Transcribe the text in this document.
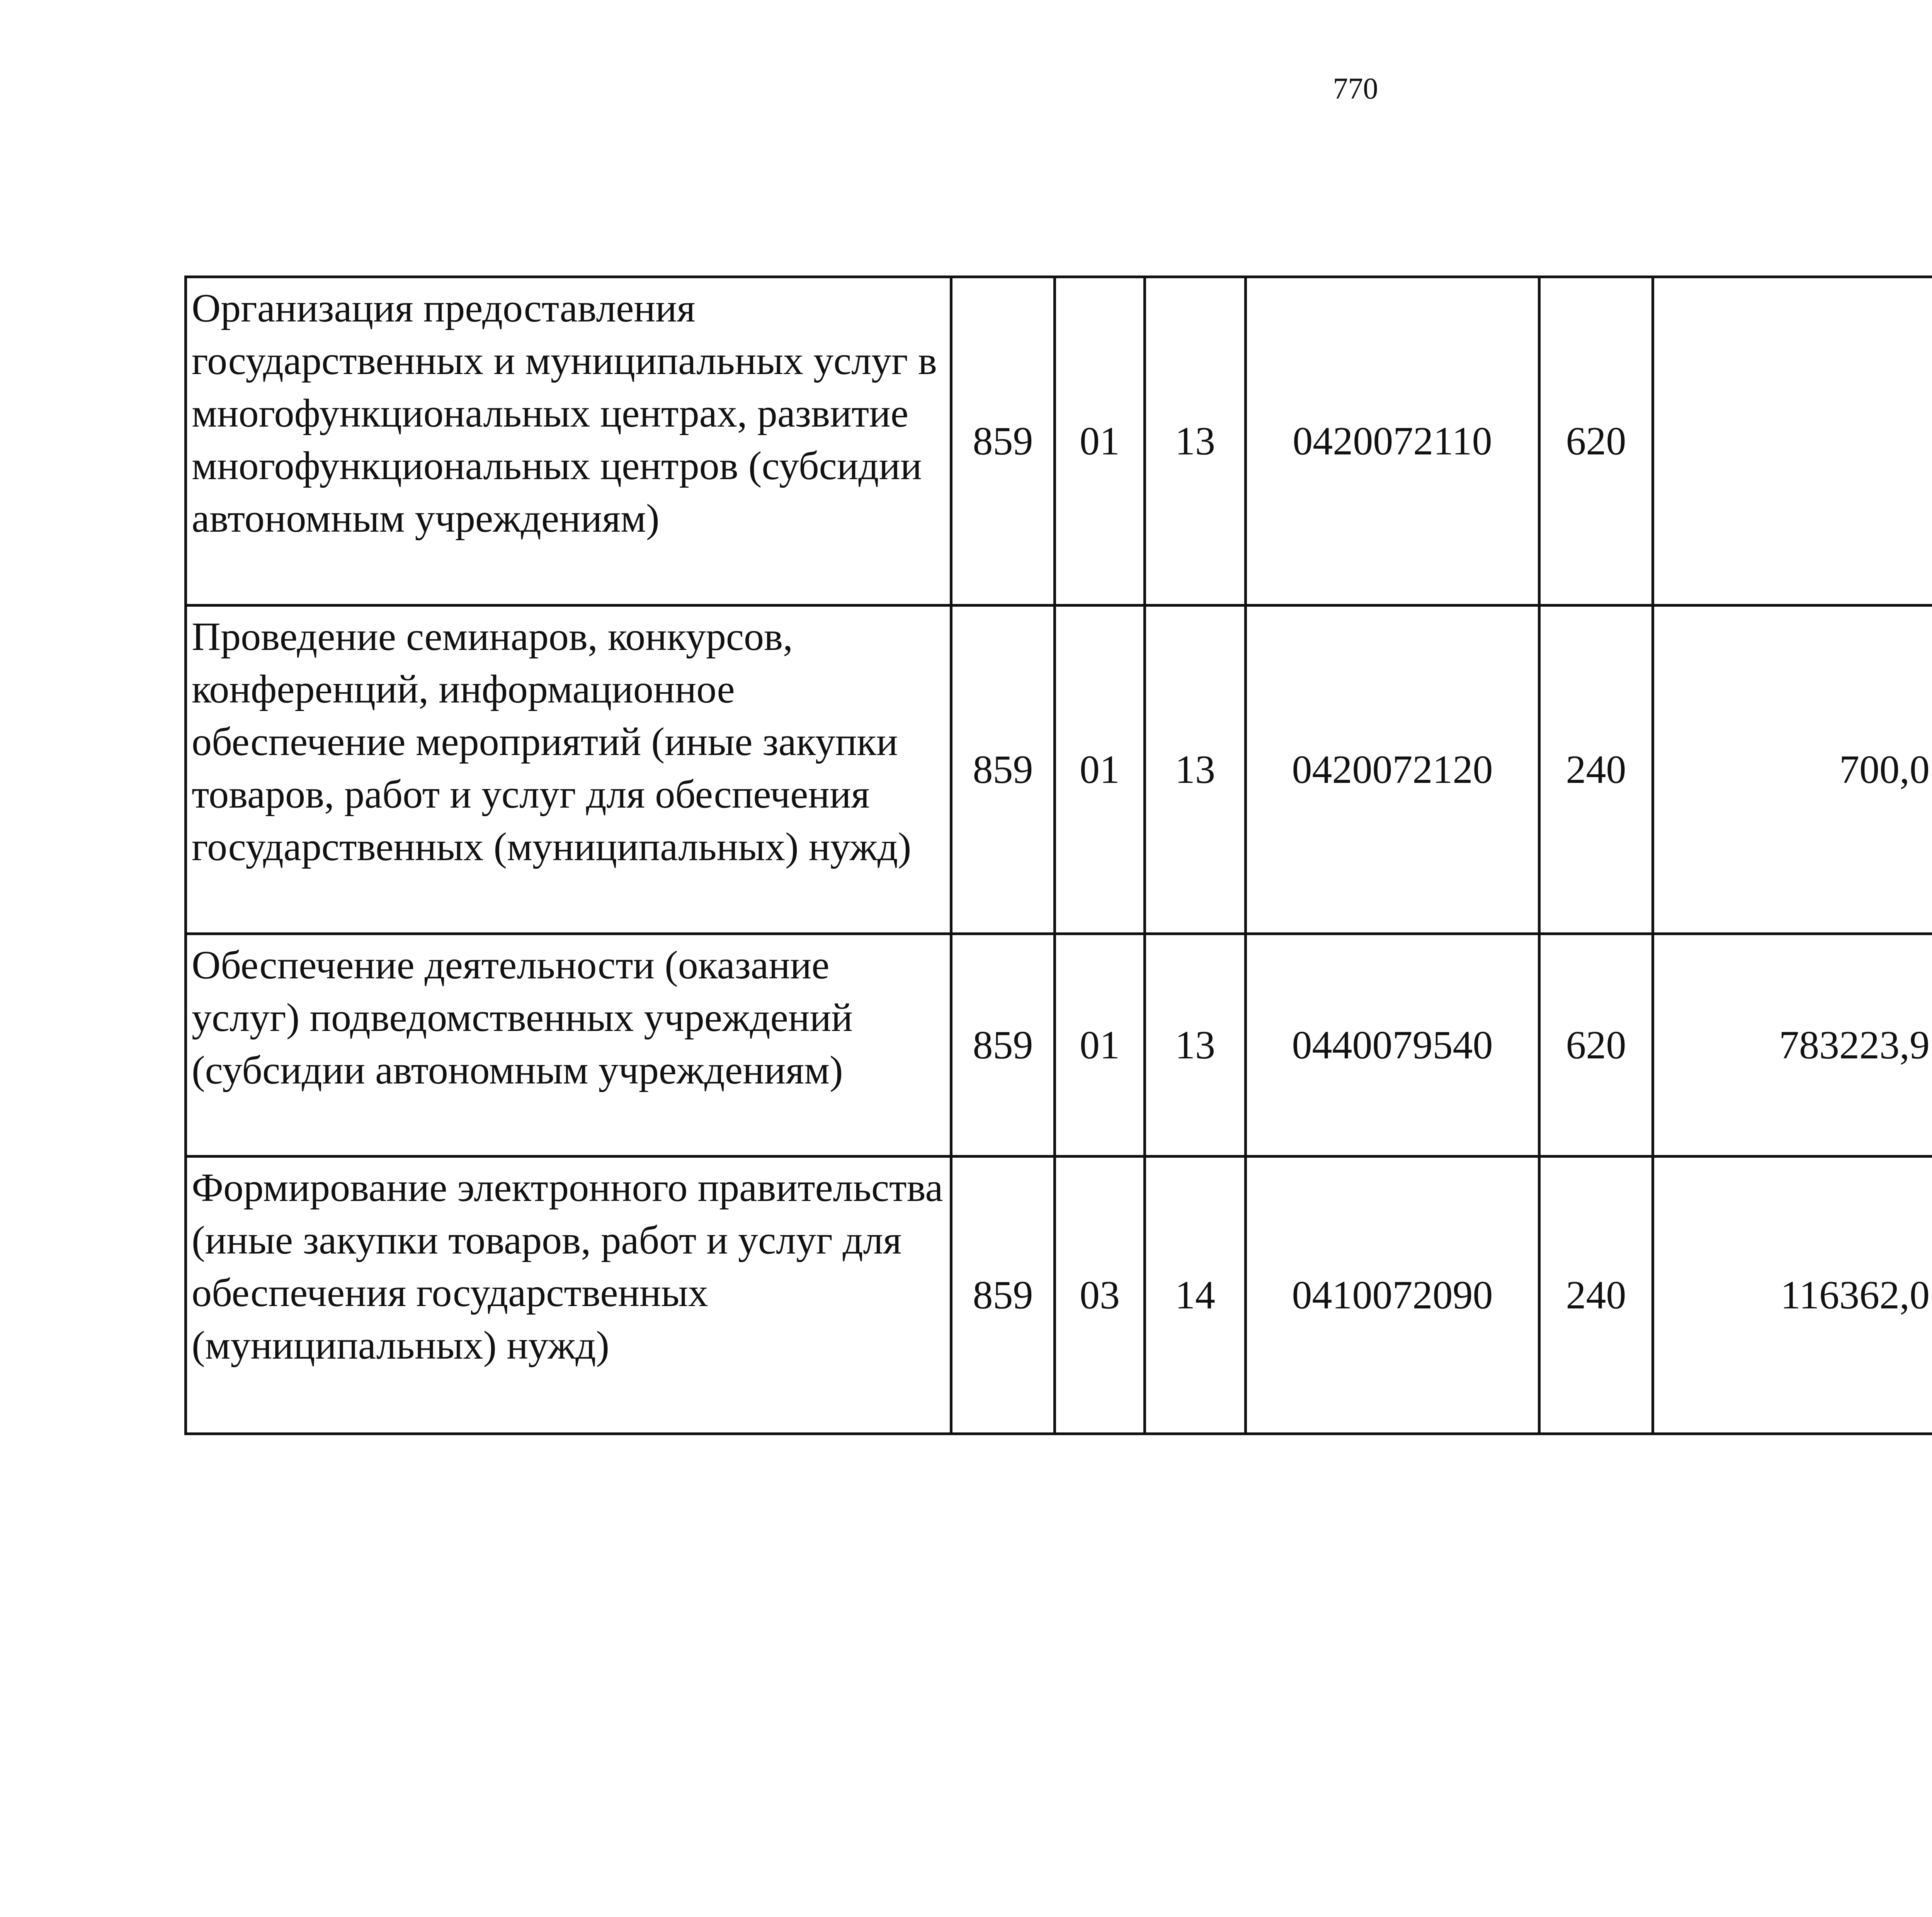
770
Организация предоставления государственных и муниципальных услуг в многофункциональных центрах, развитие многофункциональных центров (субсидии автономным учреждениям)	859	01	13	0420072110	620			
Проведение семинаров, конкурсов, конференций, информационное обеспечение мероприятий (иные закупки товаров, работ и услуг для обеспечения государственных (муниципальных) нужд)	859	01	13	0420072120	240	700,0		
Обеспечение деятельности (оказание услуг) подведомственных учреждений (субсидии автономным учреждениям)	859	01	13	0440079540	620	783223,9		
Формирование электронного правительства (иные закупки товаров, работ и услуг для обеспечения государственных (муниципальных) нужд)	859	03	14	0410072090	240	116362,0		
